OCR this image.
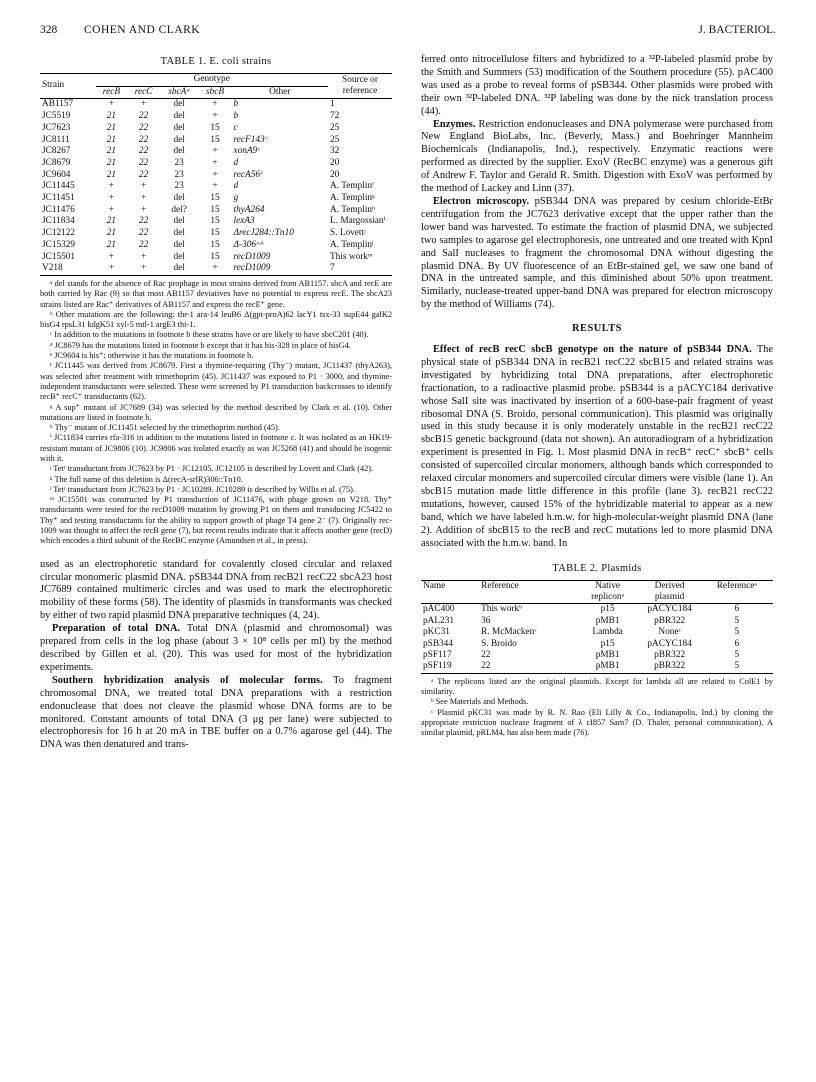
328 COHEN AND CLARK	J. BACTERIOL.
TABLE 1. E. coli strains
Strain	Genotype					Source or reference
	recB	recC	sbcAᵃ	sbcB	Other	
AB1157	+	+	del	+	b	1
JC5519	21	22	del	+	b	72
JC7623	21	22	del	15	c	25
JC8111	21	22	del	15	recF143ᶜ	25
JC8267	21	22	del	+	xonA9ᶜ	32
JC8679	21	22	23	+	d	20
JC9604	21	22	23	+	recA56ᵉ	20
JC11445	+	+	23	+	d	A. Templinᶠ
JC11451	+	+	del	15	g	A. Templinᵍ
JC11476	+	+	del?	15	thyA264	A. Templinʰ
JC11834	21	22	del	15	lexA3	L. Margossianⁱ
JC12122	21	22	del	15	ΔrecJ284::Tn10	S. Lovettʲ
JC15329	21	22	del	15	Δ-306ᶜ·ᵏ	A. Templinˡ
JC15501	+	+	del	15	recD1009	This workᵐ
V218	+	+	del	+	recD1009	7

ᵃ del stands for the absence of Rac prophage in most strains derived from AB1157. sbcA and recE are both carried by Rac (9) so that most AB1157 deviatives have no potential to express recE. The sbcA23 strains listed are Rac⁺ derivatives of AB1157 and express the recE⁺ gene.

ᵇ Other mutations are the following: thr-1 ara-14 leuB6 Δ(gpt-proA)62 lacY1 tsx-33 supE44 galK2 hisG4 rpsL31 kdgK51 xyl-5 mtl-1 argE3 thi-1.

ᶜ In addition to the mutations in footnote b these strains have or are likely to have sbcC201 (40).

ᵈ JC8679 has the mutations listed in footnote b except that it has his-328 in place of hisG4.

ᵉ JC9604 is his⁺; otherwise it has the mutations in footnote b.

ᶠ JC11445 was derived from JC8679. First a thymine-requiring (Thy⁻) mutant, JC11437 (thyA263), was selected after treatment with trimethoprim (45). JC11437 was exposed to P1 · 3000, and thymine-independent transductants were selected. These were screened by P1 transduction backcrosses to identify recB⁺ recC⁺ transductants (62).

ᵍ A sup⁺ mutant of JC7689 (34) was selected by the method described by Clark et al. (10). Other mutations are listed in footnote b.

ʰ Thy⁻ mutant of JC11451 selected by the trimethoprim method (45).

ⁱ JC11834 carries rfa-316 in addition to the mutations listed in footnote c. It was isolated as an HK19-resistant mutant of JC9806 (10). JC9806 was isolated exactly as was JC5268 (41) and should be isogenic with it.

ʲ Tetʳ transductant from JC7623 by P1 · JC12105. JC12105 is described by Lovett and Clark (42).

ᵏ The full name of this deletion is Δ(recA-srlR)306::Tn10.

ˡ Tetʳ transductant from JC7623 by P1 · JC10289. JC10289 is described by Willis et al. (75).

ᵐ JC15501 was constructed by P1 transduction of JC11476, with phage grown on V218. Thy⁺ transductants were tested for the recD1009 mutation by growing P1 on them and transducing JC5422 to Thy⁺ and testing transductants for the ability to support growth of phage T4 gene 2⁻ (7). Originally rec-1009 was thought to affect the recB gene (7), but recent results indicate that it affects another gene (recD) which encodes a third subunit of the RecBC enzyme (Amundsen et al., in press).

used as an electrophoretic standard for covalently closed circular and relaxed circular monomeric plasmid DNA. pSB344 DNA from recB21 recC22 sbcA23 host JC7689 contained multimeric circles and was used to mark the electrophoretic mobility of these forms (58). The identity of plasmids in transformants was checked by either of two rapid plasmid DNA preparative techniques (4, 24).

Preparation of total DNA. Total DNA (plasmid and chromosomal) was prepared from cells in the log phase (about 3 × 10⁸ cells per ml) by the method described by Gillen et al. (20). This was used for most of the hybridization experiments.

Southern hybridization analysis of molecular forms. To fragment chromosomal DNA, we treated total DNA preparations with a restriction endonuclease that does not cleave the plasmid whose DNA forms are to be monitored. Constant amounts of total DNA (3 μg per lane) were subjected to electrophoresis for 16 h at 20 mA in TBE buffer on a 0.7% agarose gel (44). The DNA was then denatured and trans-

ferred onto nitrocellulose filters and hybridized to a ³²P-labeled plasmid probe by the Smith and Summers (53) modification of the Southern procedure (55). pAC400 was used as a probe to reveal forms of pSB344. Other plasmids were probed with their own ³²P-labeled DNA. ³²P labeling was done by the nick translation process (44).

Enzymes. Restriction endonucleases and DNA polymerase were purchased from New England BioLabs, Inc. (Beverly, Mass.) and Boehringer Mannheim Biochemicals (Indianapolis, Ind.), respectively. Enzymatic reactions were performed as directed by the supplier. ExoV (RecBC enzyme) was a generous gift of Andrew F. Taylor and Gerald R. Smith. Digestion with ExoV was performed by the method of Lackey and Linn (37).

Electron microscopy. pSB344 DNA was prepared by cesium chloride-EtBr centrifugation from the JC7623 derivative except that the upper rather than the lower band was harvested. To estimate the fraction of plasmid DNA, we subjected two samples to agarose gel electrophoresis, one untreated and one treated with KpnI and SalI nucleases to fragment the chromosomal DNA without digesting the plasmid DNA. By UV fluorescence of an EtBr-stained gel, we saw one band of DNA in the untreated sample, and this diminished about 50% upon treatment. Similarly, nuclease-treated upper-band DNA was prepared for electron microscopy by the method of Williams (74).

RESULTS

Effect of recB recC sbcB genotype on the nature of pSB344 DNA. The physical state of pSB344 DNA in recB21 recC22 sbcB15 and related strains was investigated by hybridizing total DNA preparations, after electrophoretic fractionation, to a radioactive plasmid probe. pSB344 is a pACYC184 derivative whose SalI site was inactivated by insertion of a 600-base-pair fragment of yeast ribosomal DNA (S. Broido, personal communication). This plasmid was originally used in this study because it is only moderately unstable in the recB21 recC22 sbcB15 genetic background (data not shown). An autoradiogram of a hybridization experiment is presented in Fig. 1. Most plasmid DNA in recB⁺ recC⁺ sbcB⁺ cells consisted of supercoiled circular monomers, although bands which corresponded to relaxed circular monomers and supercoiled circular dimers were visible (lane 1). An sbcB15 mutation made little difference in this profile (lane 3). recB21 recC22 mutations, however, caused 15% of the hybridizable material to appear as a new band, which we have labeled h.m.w. for high-molecular-weight plasmid DNA (lane 2). Addition of sbcB15 to the recB and recC mutations led to more plasmid DNA associated with the h.m.w. band. In

TABLE 2. Plasmids
Name	Reference	Native repliconᵃ	Derived plasmid	Referenceᵃ
pAC400	This workᵇ	p15	pACYC184	6
pAL231	36	pMB1	pBR322	5
pKC31	R. McMackenᶜ	Lambda	Noneᶜ	5
pSB344	S. Broido	p15	pACYC184	6
pSF117	22	pMB1	pBR322	5
pSF119	22	pMB1	pBR322	5

ᵃ The replicons listed are the original plasmids. Except for lambda all are related to ColE1 by similarity.

ᵇ See Materials and Methods.

ᶜ Plasmid pKC31 was made by R. N. Rao (Eli Lilly & Co., Indianapolis, Ind.) by cloning the appropriate restriction nuclease fragment of λ cI857 Sam7 (D. Thaler, personal communication). A similar plasmid, pRLM4, has also been made (76).
